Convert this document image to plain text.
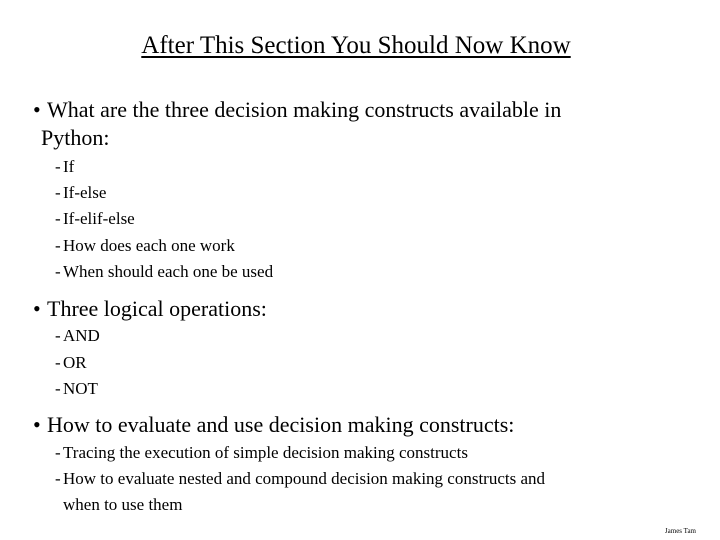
After This Section You Should Now Know
• What are the three decision making constructs available in
Python:
- If
- If-else
- If-elif-else
- How does each one work
- When should each one be used
• Three logical operations:
- AND
- OR
- NOT
• How to evaluate and use decision making constructs:
- Tracing the execution of simple decision making constructs
- How to evaluate nested and compound decision making constructs and
when to use them
James Tam
